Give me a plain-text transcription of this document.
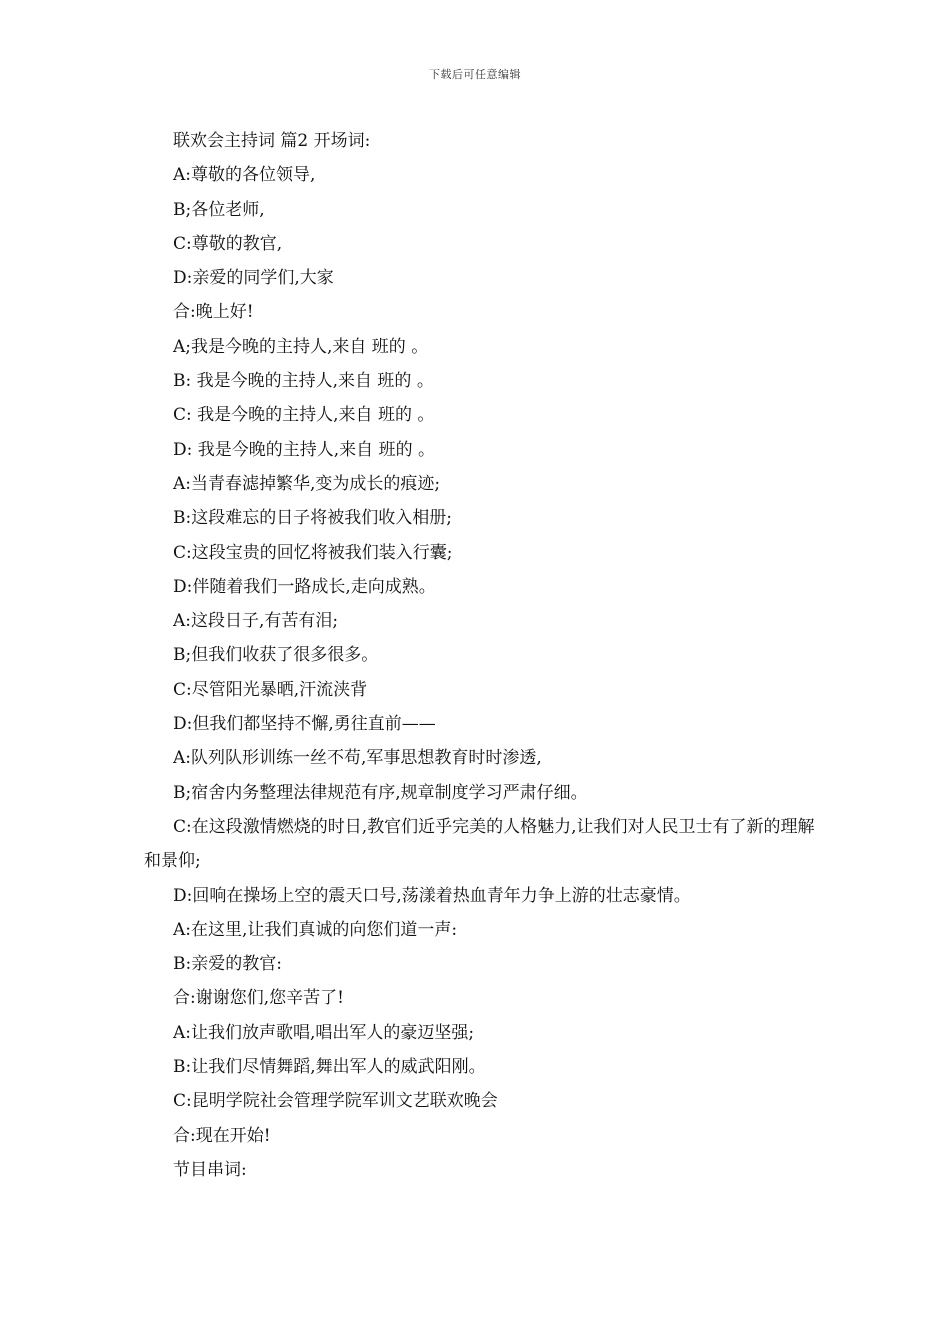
下载后可任意编辑

联欢会主持词 篇2 开场词:

A:尊敬的各位领导,

B;各位老师,

C:尊敬的教官,

D:亲爱的同学们,大家

合:晚上好!

A;我是今晚的主持人,来自 班的 。

B: 我是今晚的主持人,来自 班的 。

C: 我是今晚的主持人,来自 班的 。

D: 我是今晚的主持人,来自 班的 。

A:当青春滤掉繁华,变为成长的痕迹;

B:这段难忘的日子将被我们收入相册;

C:这段宝贵的回忆将被我们装入行囊;

D:伴随着我们一路成长,走向成熟。

A:这段日子,有苦有泪;

B;但我们收获了很多很多。

C:尽管阳光暴晒,汗流浃背

D:但我们都坚持不懈,勇往直前——

A:队列队形训练一丝不苟,军事思想教育时时渗透,

B;宿舍内务整理法律规范有序,规章制度学习严肃仔细。

C:在这段激情燃烧的时日,教官们近乎完美的人格魅力,让我们对人民卫士有了新的理解和景仰;

D:回响在操场上空的震天口号,荡漾着热血青年力争上游的壮志豪情。

A:在这里,让我们真诚的向您们道一声:

B:亲爱的教官:

合:谢谢您们,您辛苦了!

A:让我们放声歌唱,唱出军人的豪迈坚强;

B:让我们尽情舞蹈,舞出军人的威武阳刚。

C:昆明学院社会管理学院军训文艺联欢晚会

合:现在开始!

节目串词:
